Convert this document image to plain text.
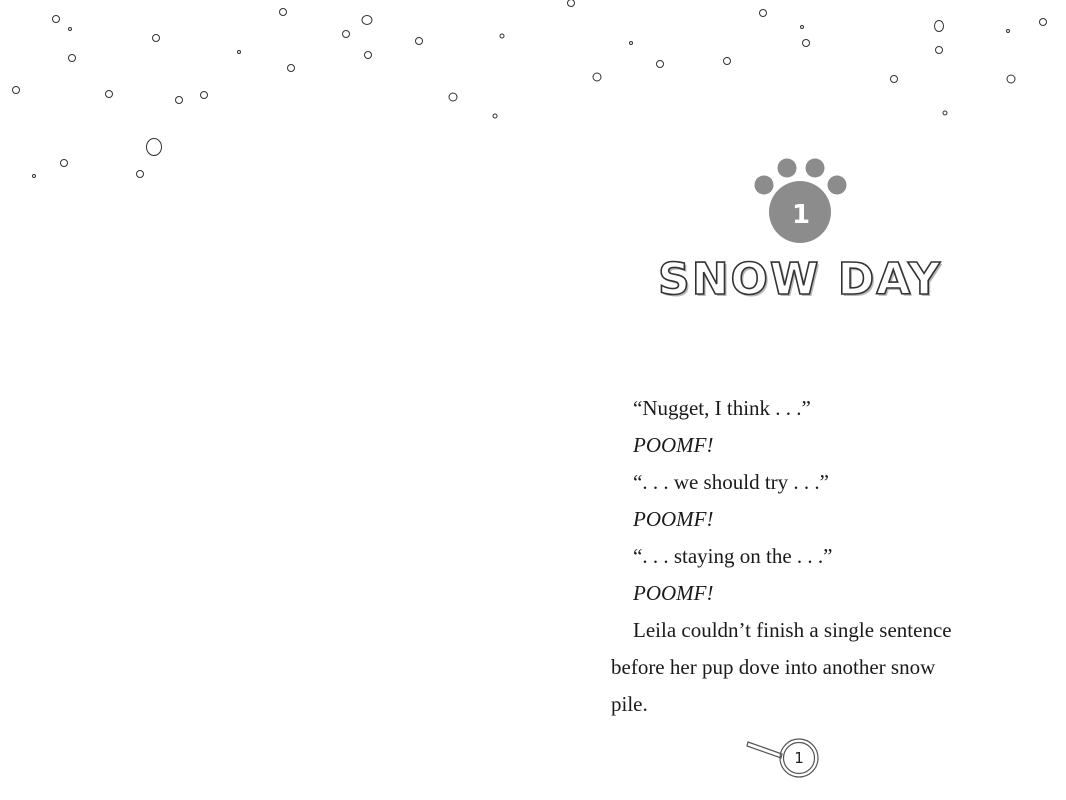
1
SNOW DAY

“Nugget, I think . . .”

POOMF!

“. . . we should try . . .”

POOMF!

“. . . staying on the . . .”

POOMF!

Leila couldn’t finish a single sentence before her pup dove into another snow pile.

1
